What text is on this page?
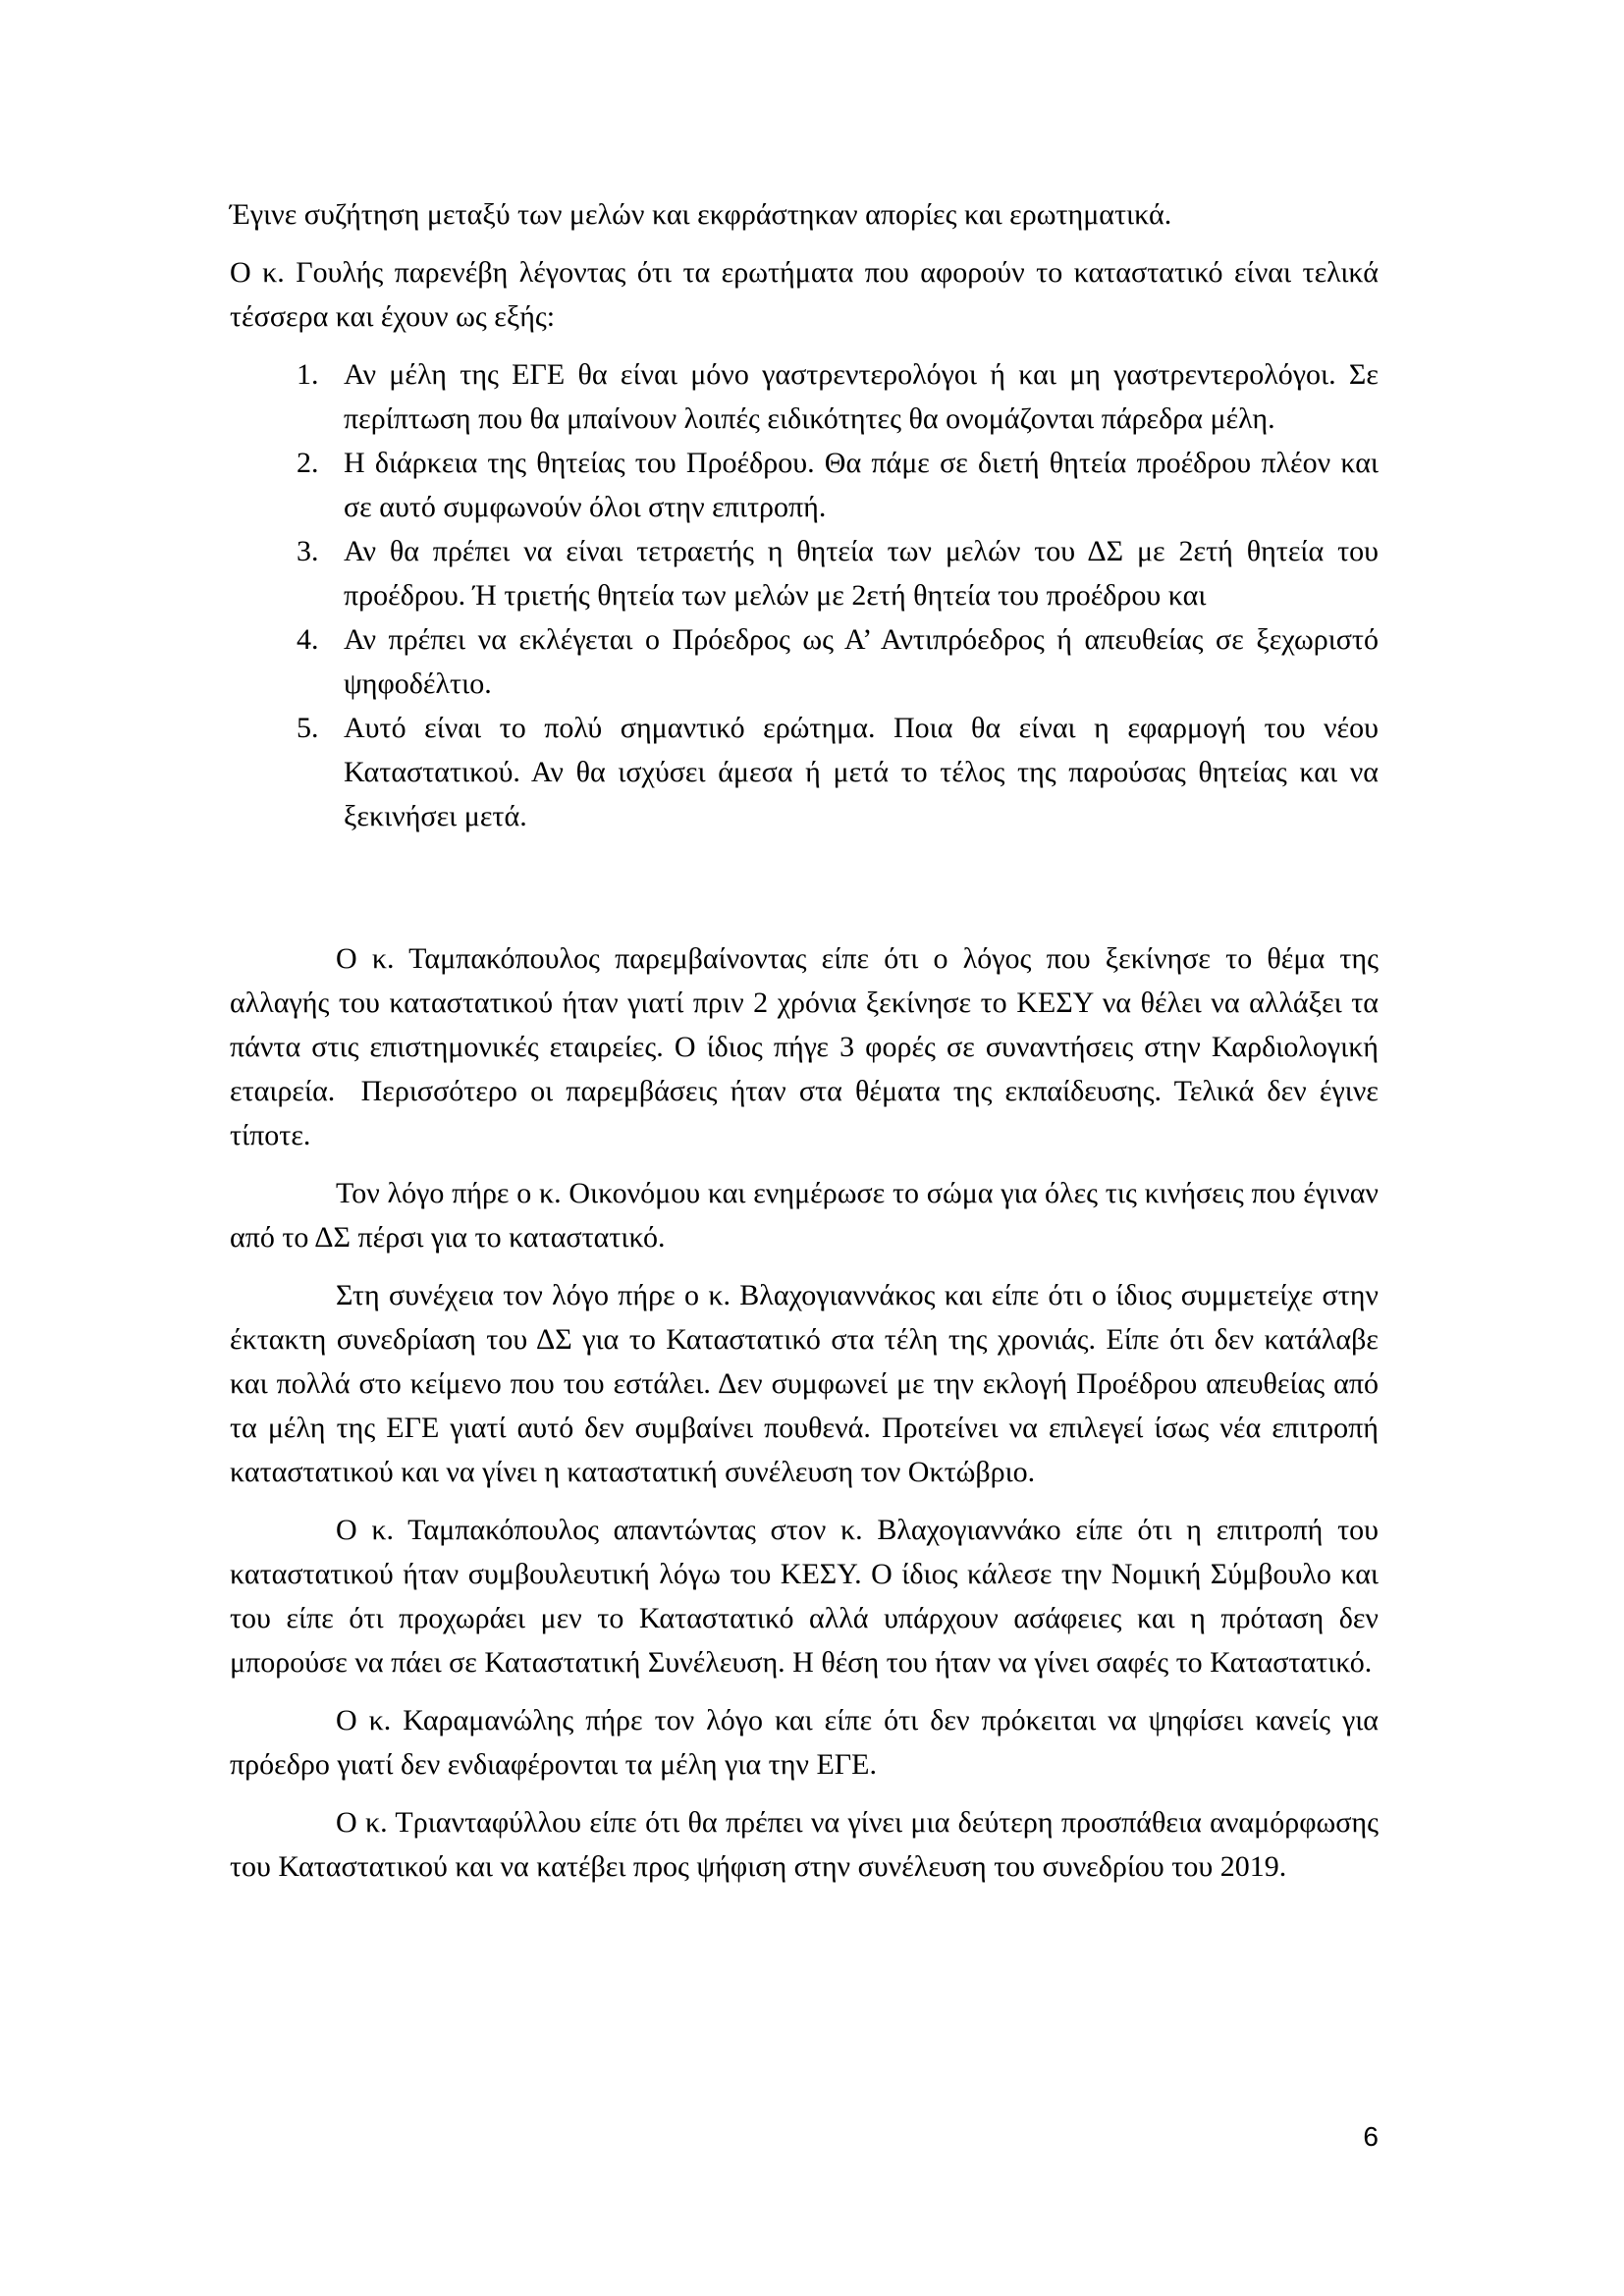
Έγινε συζήτηση μεταξύ των μελών και εκφράστηκαν απορίες και ερωτηματικά.

Ο κ. Γουλής παρενέβη λέγοντας ότι τα ερωτήματα που αφορούν το καταστατικό είναι τελικά τέσσερα και έχουν ως εξής:

1. Αν μέλη της ΕΓΕ θα είναι μόνο γαστρεντερολόγοι ή και μη γαστρεντερολόγοι. Σε περίπτωση που θα μπαίνουν λοιπές ειδικότητες θα ονομάζονται πάρεδρα μέλη.
2. Η διάρκεια της θητείας του Προέδρου. Θα πάμε σε διετή θητεία προέδρου πλέον και σε αυτό συμφωνούν όλοι στην επιτροπή.
3. Αν θα πρέπει να είναι τετραετής η θητεία των μελών του ΔΣ με 2ετή θητεία του προέδρου. Ή τριετής θητεία των μελών με 2ετή θητεία του προέδρου και
4. Αν πρέπει να εκλέγεται ο Πρόεδρος ως Α’ Αντιπρόεδρος ή απευθείας σε ξεχωριστό ψηφοδέλτιο.
5. Αυτό είναι το πολύ σημαντικό ερώτημα. Ποια θα είναι η εφαρμογή του νέου Καταστατικού. Αν θα ισχύσει άμεσα ή μετά το τέλος της παρούσας θητείας και να ξεκινήσει μετά.

Ο κ. Ταμπακόπουλος παρεμβαίνοντας είπε ότι ο λόγος που ξεκίνησε το θέμα της αλλαγής του καταστατικού ήταν γιατί πριν 2 χρόνια ξεκίνησε το ΚΕΣΥ να θέλει να αλλάξει τα πάντα στις επιστημονικές εταιρείες. Ο ίδιος πήγε 3 φορές σε συναντήσεις στην Καρδιολογική εταιρεία.  Περισσότερο οι παρεμβάσεις ήταν στα θέματα της εκπαίδευσης. Τελικά δεν έγινε τίποτε.

Τον λόγο πήρε ο κ. Οικονόμου και ενημέρωσε το σώμα για όλες τις κινήσεις που έγιναν από το ΔΣ πέρσι για το καταστατικό.

Στη συνέχεια τον λόγο πήρε ο κ. Βλαχογιαννάκος και είπε ότι ο ίδιος συμμετείχε στην έκτακτη συνεδρίαση του ΔΣ για το Καταστατικό στα τέλη της χρονιάς. Είπε ότι δεν κατάλαβε και πολλά στο κείμενο που του εστάλει. Δεν συμφωνεί με την εκλογή Προέδρου απευθείας από τα μέλη της ΕΓΕ γιατί αυτό δεν συμβαίνει πουθενά. Προτείνει να επιλεγεί ίσως νέα επιτροπή καταστατικού και να γίνει η καταστατική συνέλευση τον Οκτώβριο.

Ο κ. Ταμπακόπουλος απαντώντας στον κ. Βλαχογιαννάκο είπε ότι η επιτροπή του καταστατικού ήταν συμβουλευτική λόγω του ΚΕΣΥ. Ο ίδιος κάλεσε την Νομική Σύμβουλο και του είπε ότι προχωράει μεν το Καταστατικό αλλά υπάρχουν ασάφειες και η πρόταση δεν μπορούσε να πάει σε Καταστατική Συνέλευση. Η θέση του ήταν να γίνει σαφές το Καταστατικό.

Ο κ. Καραμανώλης πήρε τον λόγο και είπε ότι δεν πρόκειται να ψηφίσει κανείς για πρόεδρο γιατί δεν ενδιαφέρονται τα μέλη για την ΕΓΕ.

Ο κ. Τριανταφύλλου είπε ότι θα πρέπει να γίνει μια δεύτερη προσπάθεια αναμόρφωσης του Καταστατικού και να κατέβει προς ψήφιση στην συνέλευση του συνεδρίου του 2019.

6
